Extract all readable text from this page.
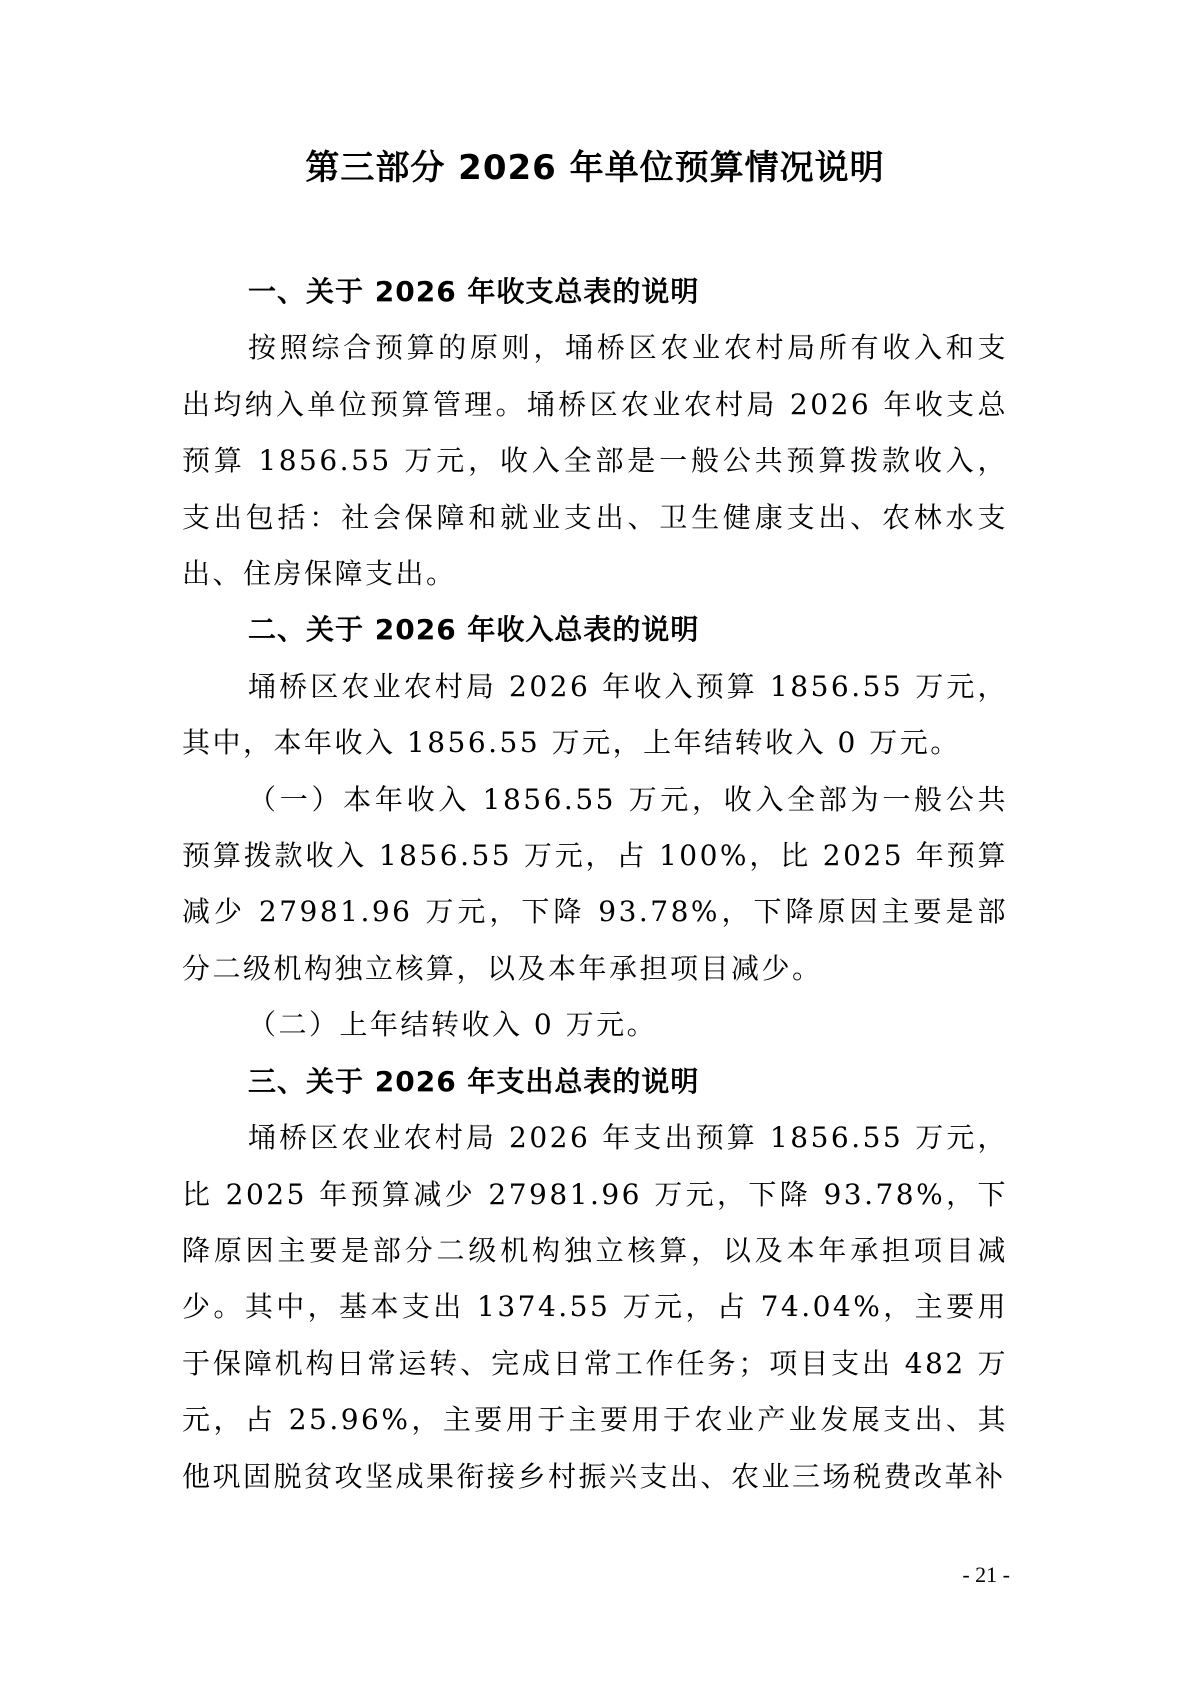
第三部分 2026 年单位预算情况说明

一、关于 2026 年收支总表的说明

按照综合预算的原则，埇桥区农业农村局所有收入和支出均纳入单位预算管理。埇桥区农业农村局 2026 年收支总预算 1856.55 万元，收入全部是一般公共预算拨款收入，支出包括：社会保障和就业支出、卫生健康支出、农林水支出、住房保障支出。

二、关于 2026 年收入总表的说明

埇桥区农业农村局 2026 年收入预算 1856.55 万元，其中，本年收入 1856.55 万元，上年结转收入 0 万元。

（一）本年收入 1856.55 万元，收入全部为一般公共预算拨款收入 1856.55 万元，占 100%，比 2025 年预算减少 27981.96 万元，下降 93.78%，下降原因主要是部分二级机构独立核算，以及本年承担项目减少。

（二）上年结转收入 0 万元。

三、关于 2026 年支出总表的说明

埇桥区农业农村局 2026 年支出预算 1856.55 万元，比 2025 年预算减少 27981.96 万元，下降 93.78%，下降原因主要是部分二级机构独立核算，以及本年承担项目减少。其中，基本支出 1374.55 万元，占 74.04%，主要用于保障机构日常运转、完成日常工作任务；项目支出 482 万元，占 25.96%，主要用于主要用于农业产业发展支出、其他巩固脱贫攻坚成果衔接乡村振兴支出、农业三场税费改革补

- 21 -
